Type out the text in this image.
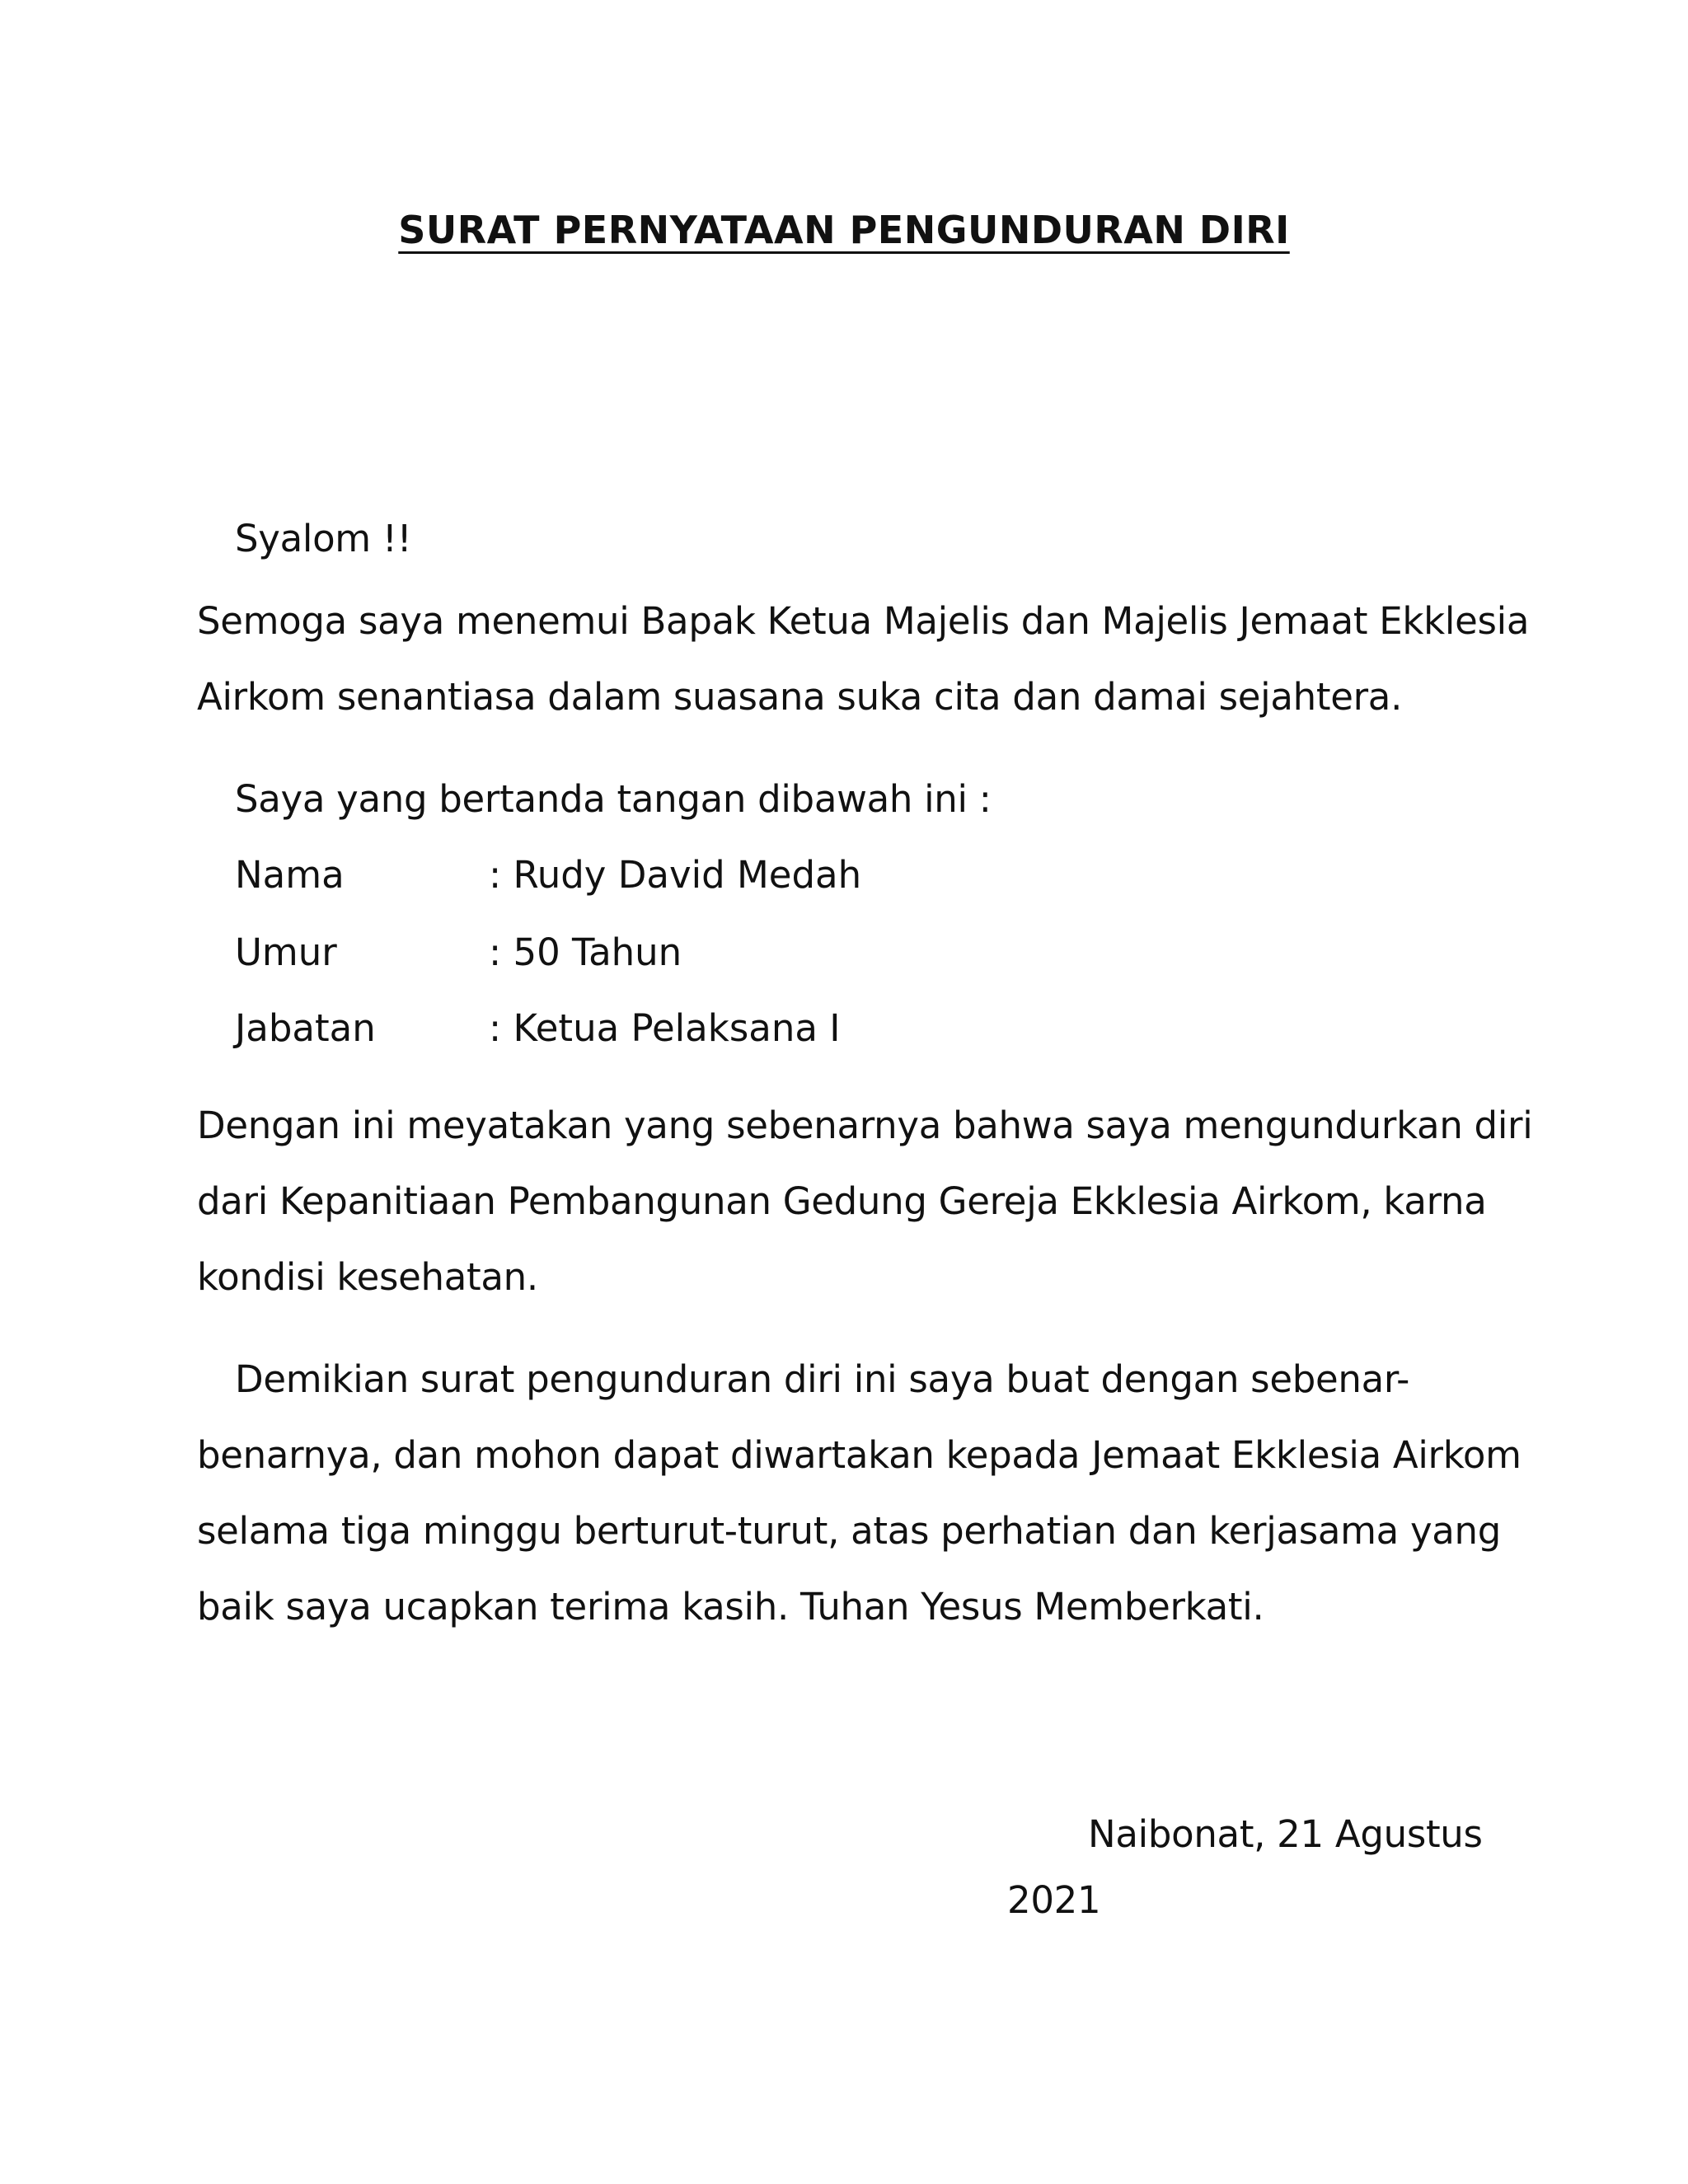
SURAT PERNYATAAN PENGUNDURAN DIRI
Syalom !!
Semoga saya menemui Bapak Ketua Majelis dan Majelis Jemaat Ekklesia
Airkom senantiasa dalam suasana suka cita dan damai sejahtera.
Saya yang bertanda tangan dibawah ini :
Nama	: Rudy David Medah
Umur	: 50 Tahun
Jabatan	: Ketua Pelaksana I
Dengan ini meyatakan yang sebenarnya bahwa saya mengundurkan diri
dari Kepanitiaan Pembangunan Gedung Gereja Ekklesia Airkom, karna
kondisi kesehatan.
Demikian surat pengunduran diri ini saya buat dengan sebenar-
benarnya, dan mohon dapat diwartakan kepada Jemaat Ekklesia Airkom
selama tiga minggu berturut-turut, atas perhatian dan kerjasama yang
baik saya ucapkan terima kasih. Tuhan Yesus Memberkati.
Naibonat, 21 Agustus
2021
